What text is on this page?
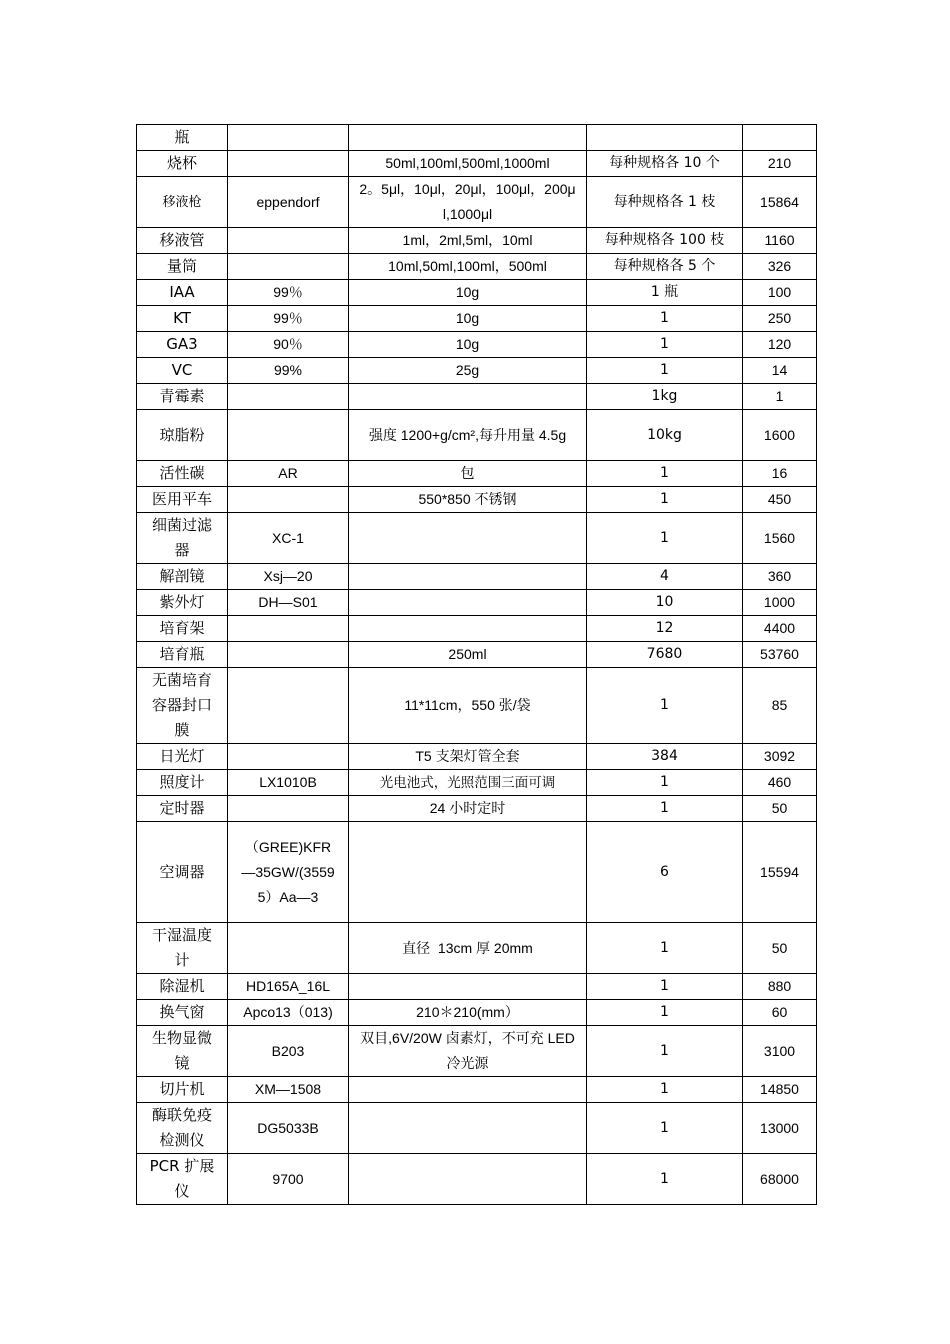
瓶				
烧杯		50ml,100ml,500ml,1000ml	每种规格各 10 个	210
移液枪	eppendorf	2。5μl，10μl，20μl，100μl，200μl,1000μl	每种规格各 1 枝	15864
移液管		1ml，2ml,5ml，10ml	每种规格各 100 枝	1160
量筒		10ml,50ml,100ml，500ml	每种规格各 5 个	326
IAA	99％	10g	1 瓶	100
KT	99％	10g	1	250
GA3	90％	10g	1	120
VC	99%	25g	1	14
青霉素			1kg	1
琼脂粉		强度 1200+g/cm²,每升用量 4.5g	10kg	1600
活性碳	AR	包	1	16
医用平车		550*850 不锈钢	1	450
细菌过滤器	XC-1		1	1560
解剖镜	Xsj—20		4	360
紫外灯	DH—S01		10	1000
培育架			12	4400
培育瓶		250ml	7680	53760
无菌培育容器封口膜		11*11cm，550 张/袋	1	85
日光灯		T5 支架灯管全套	384	3092
照度计	LX1010B	光电池式，光照范围三面可调	1	460
定时器		24 小时定时	1	50
空调器	（GREE)KFR—35GW/(35595）Aa—3		6	15594
干湿温度计		直径  13cm 厚 20mm	1	50
除湿机	HD165A_16L		1	880
换气窗	Apco13（013)	210＊210(mm）	1	60
生物显微镜	B203	双目,6V/20W 卤素灯，不可充 LED 冷光源	1	3100
切片机	XM—1508		1	14850
酶联免疫检测仪	DG5033B		1	13000
PCR 扩展仪	9700		1	68000
